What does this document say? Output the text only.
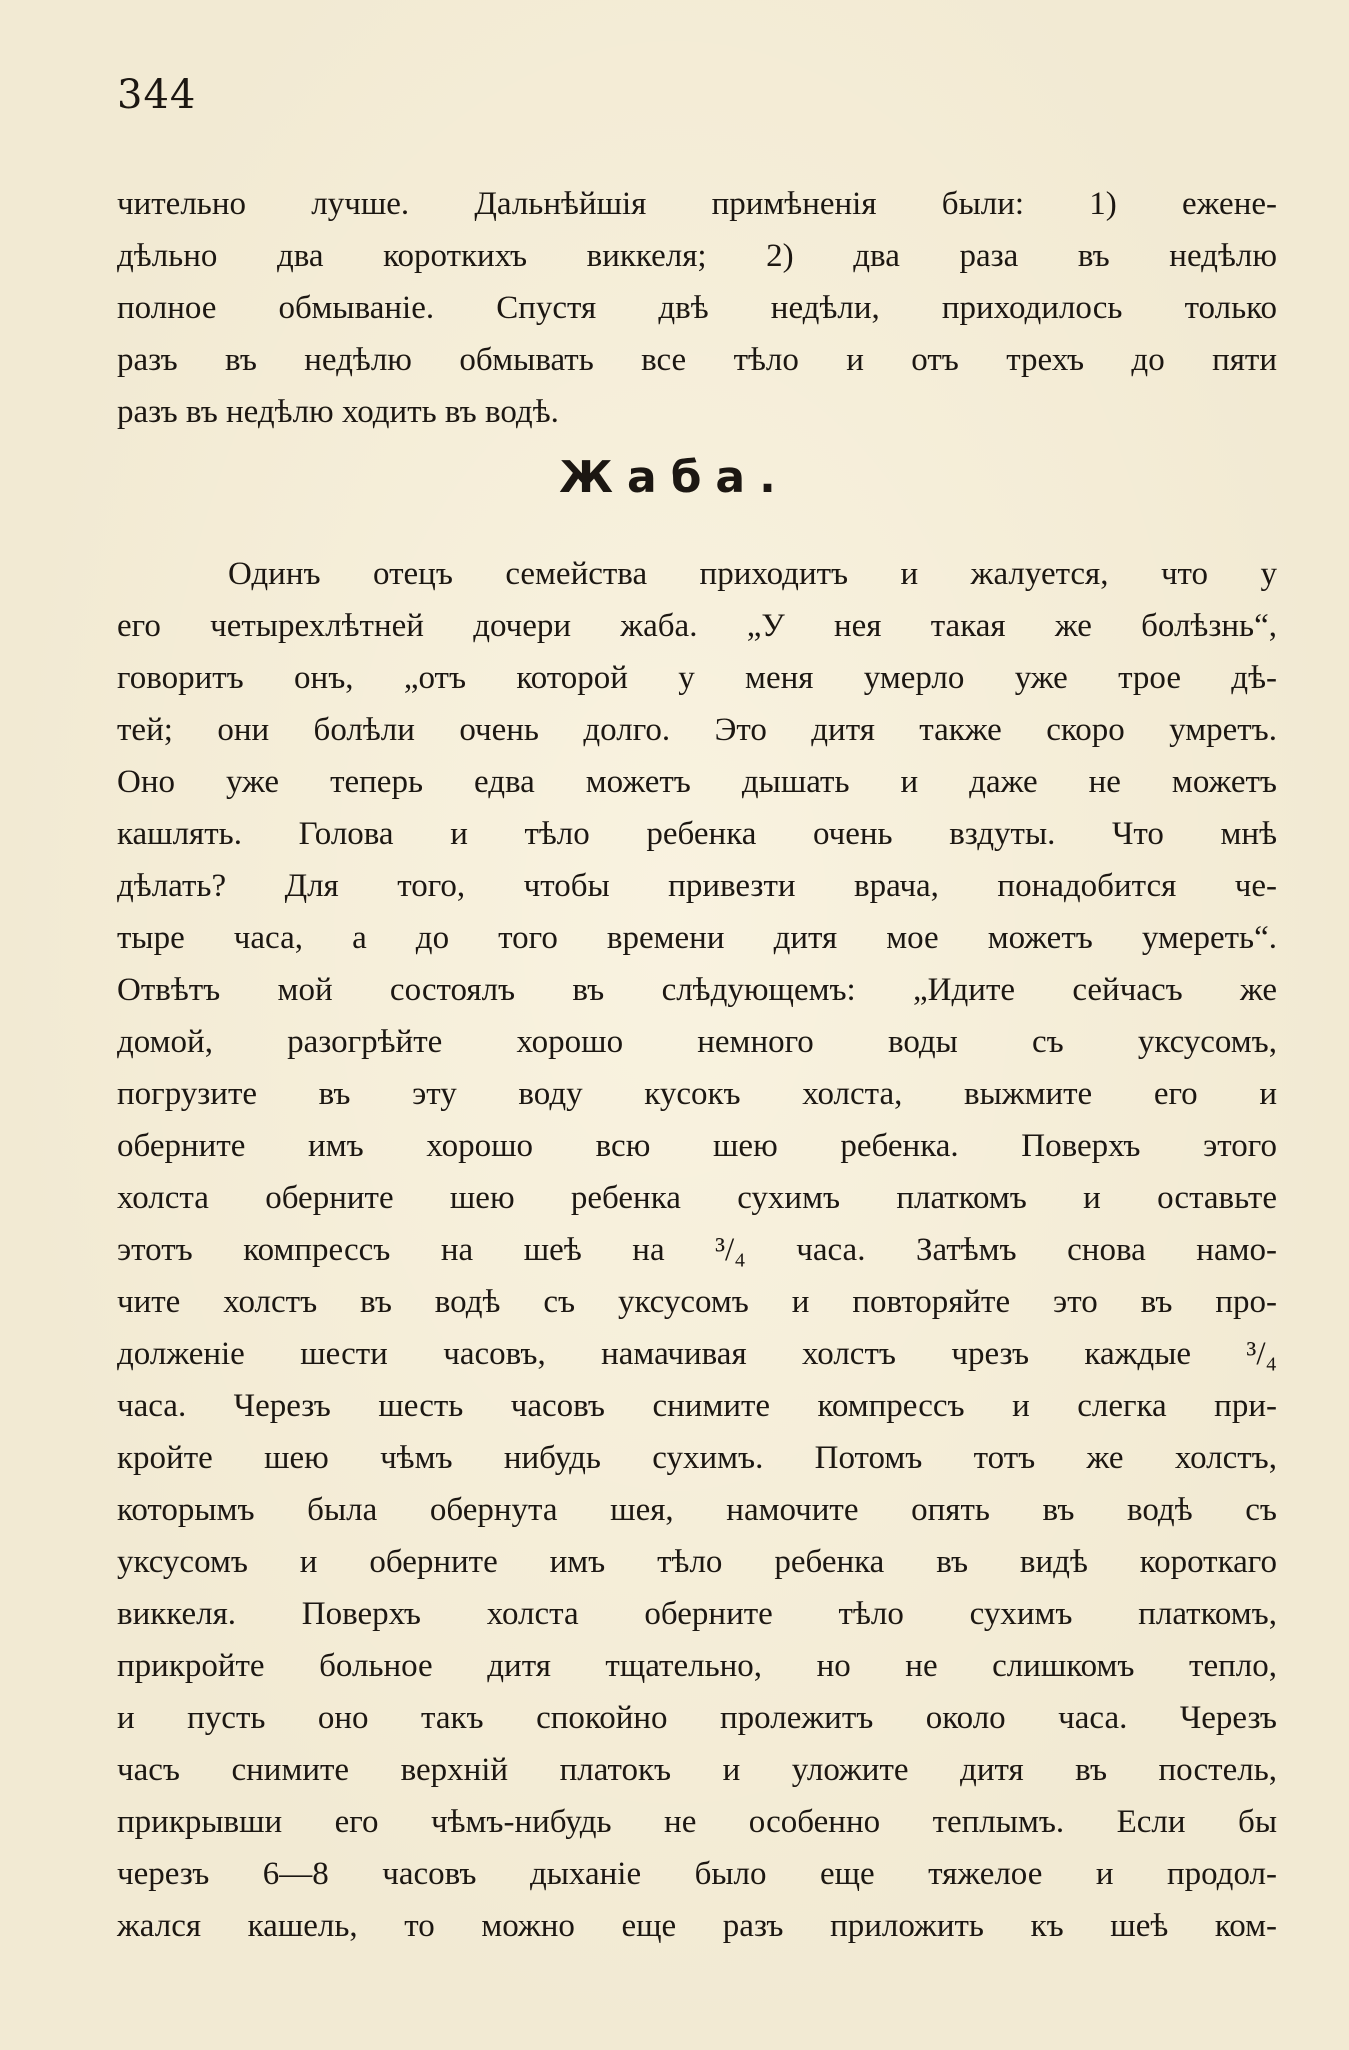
344
чительно лучше. Дальнѣйшія примѣненія были: 1) еженe-
дѣльно два короткихъ виккеля; 2) два раза въ недѣлю
полное обмываніе. Спустя двѣ недѣли, приходилось только
разъ въ недѣлю обмывать все тѣло и отъ трехъ до пяти
разъ въ недѣлю ходить въ водѣ.
Жаба.
Одинъ отецъ семейства приходитъ и жалуется, что у
его четырехлѣтней дочери жаба. „У нея такая же болѣзнь“,
говоритъ онъ, „отъ которой у меня умерло уже трое дѣ-
тей; они болѣли очень долго. Это дитя также скоро умретъ.
Оно уже теперь едва можетъ дышать и даже не можетъ
кашлять. Голова и тѣло ребенка очень вздуты. Что мнѣ
дѣлать? Для того, чтобы привезти врача, понадобится че-
тыре часа, а до того времени дитя мое можетъ умереть“.
Отвѣтъ мой состоялъ въ слѣдующемъ: „Идите сейчасъ же
домой, разогрѣйте хорошо немного воды съ уксусомъ,
погрузите въ эту воду кусокъ холста, выжмите его и
оберните имъ хорошо всю шею ребенка. Поверхъ этого
холста оберните шею ребенка сухимъ платкомъ и оставьте
этотъ компрессъ на шеѣ на ³/₄ часа. Затѣмъ снова намо-
чите холстъ въ водѣ съ уксусомъ и повторяйте это въ про-
долженіе шести часовъ, намачивая холстъ чрезъ каждые ³/₄
часа. Черезъ шесть часовъ снимите компрессъ и слегка при-
кройте шею чѣмъ нибудь сухимъ. Потомъ тотъ же холстъ,
которымъ была обернута шея, намочите опять въ водѣ съ
уксусомъ и оберните имъ тѣло ребенка въ видѣ короткаго
виккеля. Поверхъ холста оберните тѣло сухимъ платкомъ,
прикройте больное дитя тщательно, но не слишкомъ тепло,
и пусть оно такъ спокойно пролежитъ около часа. Черезъ
часъ снимите верхній платокъ и уложите дитя въ постель,
прикрывши его чѣмъ-нибудь не особенно теплымъ. Если бы
черезъ 6—8 часовъ дыханіе было еще тяжелое и продол-
жался кашель, то можно еще разъ приложить къ шеѣ ком-
